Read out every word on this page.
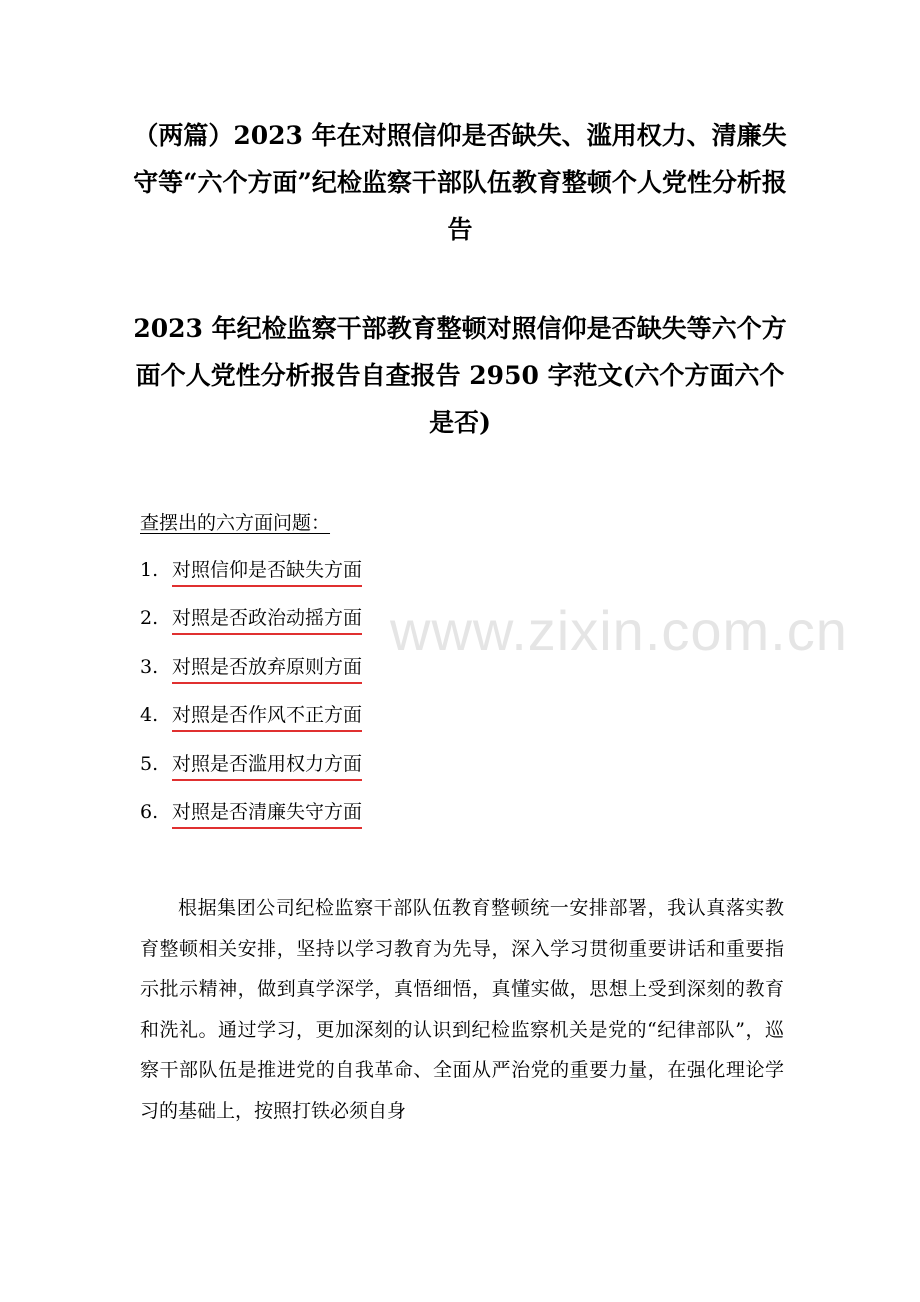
（两篇）2023 年在对照信仰是否缺失、滥用权力、清廉失守等“六个方面”纪检监察干部队伍教育整顿个人党性分析报告
2023 年纪检监察干部教育整顿对照信仰是否缺失等六个方面个人党性分析报告自查报告 2950 字范文(六个方面六个是否)
查摆出的六方面问题：
1. 对照信仰是否缺失方面
2. 对照是否政治动摇方面
3. 对照是否放弃原则方面
4. 对照是否作风不正方面
5. 对照是否滥用权力方面
6. 对照是否清廉失守方面
www.zixin.com.cn

根据集团公司纪检监察干部队伍教育整顿统一安排部署，我认真落实教育整顿相关安排，坚持以学习教育为先导，深入学习贯彻重要讲话和重要指示批示精神，做到真学深学，真悟细悟，真懂实做，思想上受到深刻的教育和洗礼。通过学习，更加深刻的认识到纪检监察机关是党的“纪律部队”，巡察干部队伍是推进党的自我革命、全面从严治党的重要力量，在强化理论学习的基础上，按照打铁必须自身
